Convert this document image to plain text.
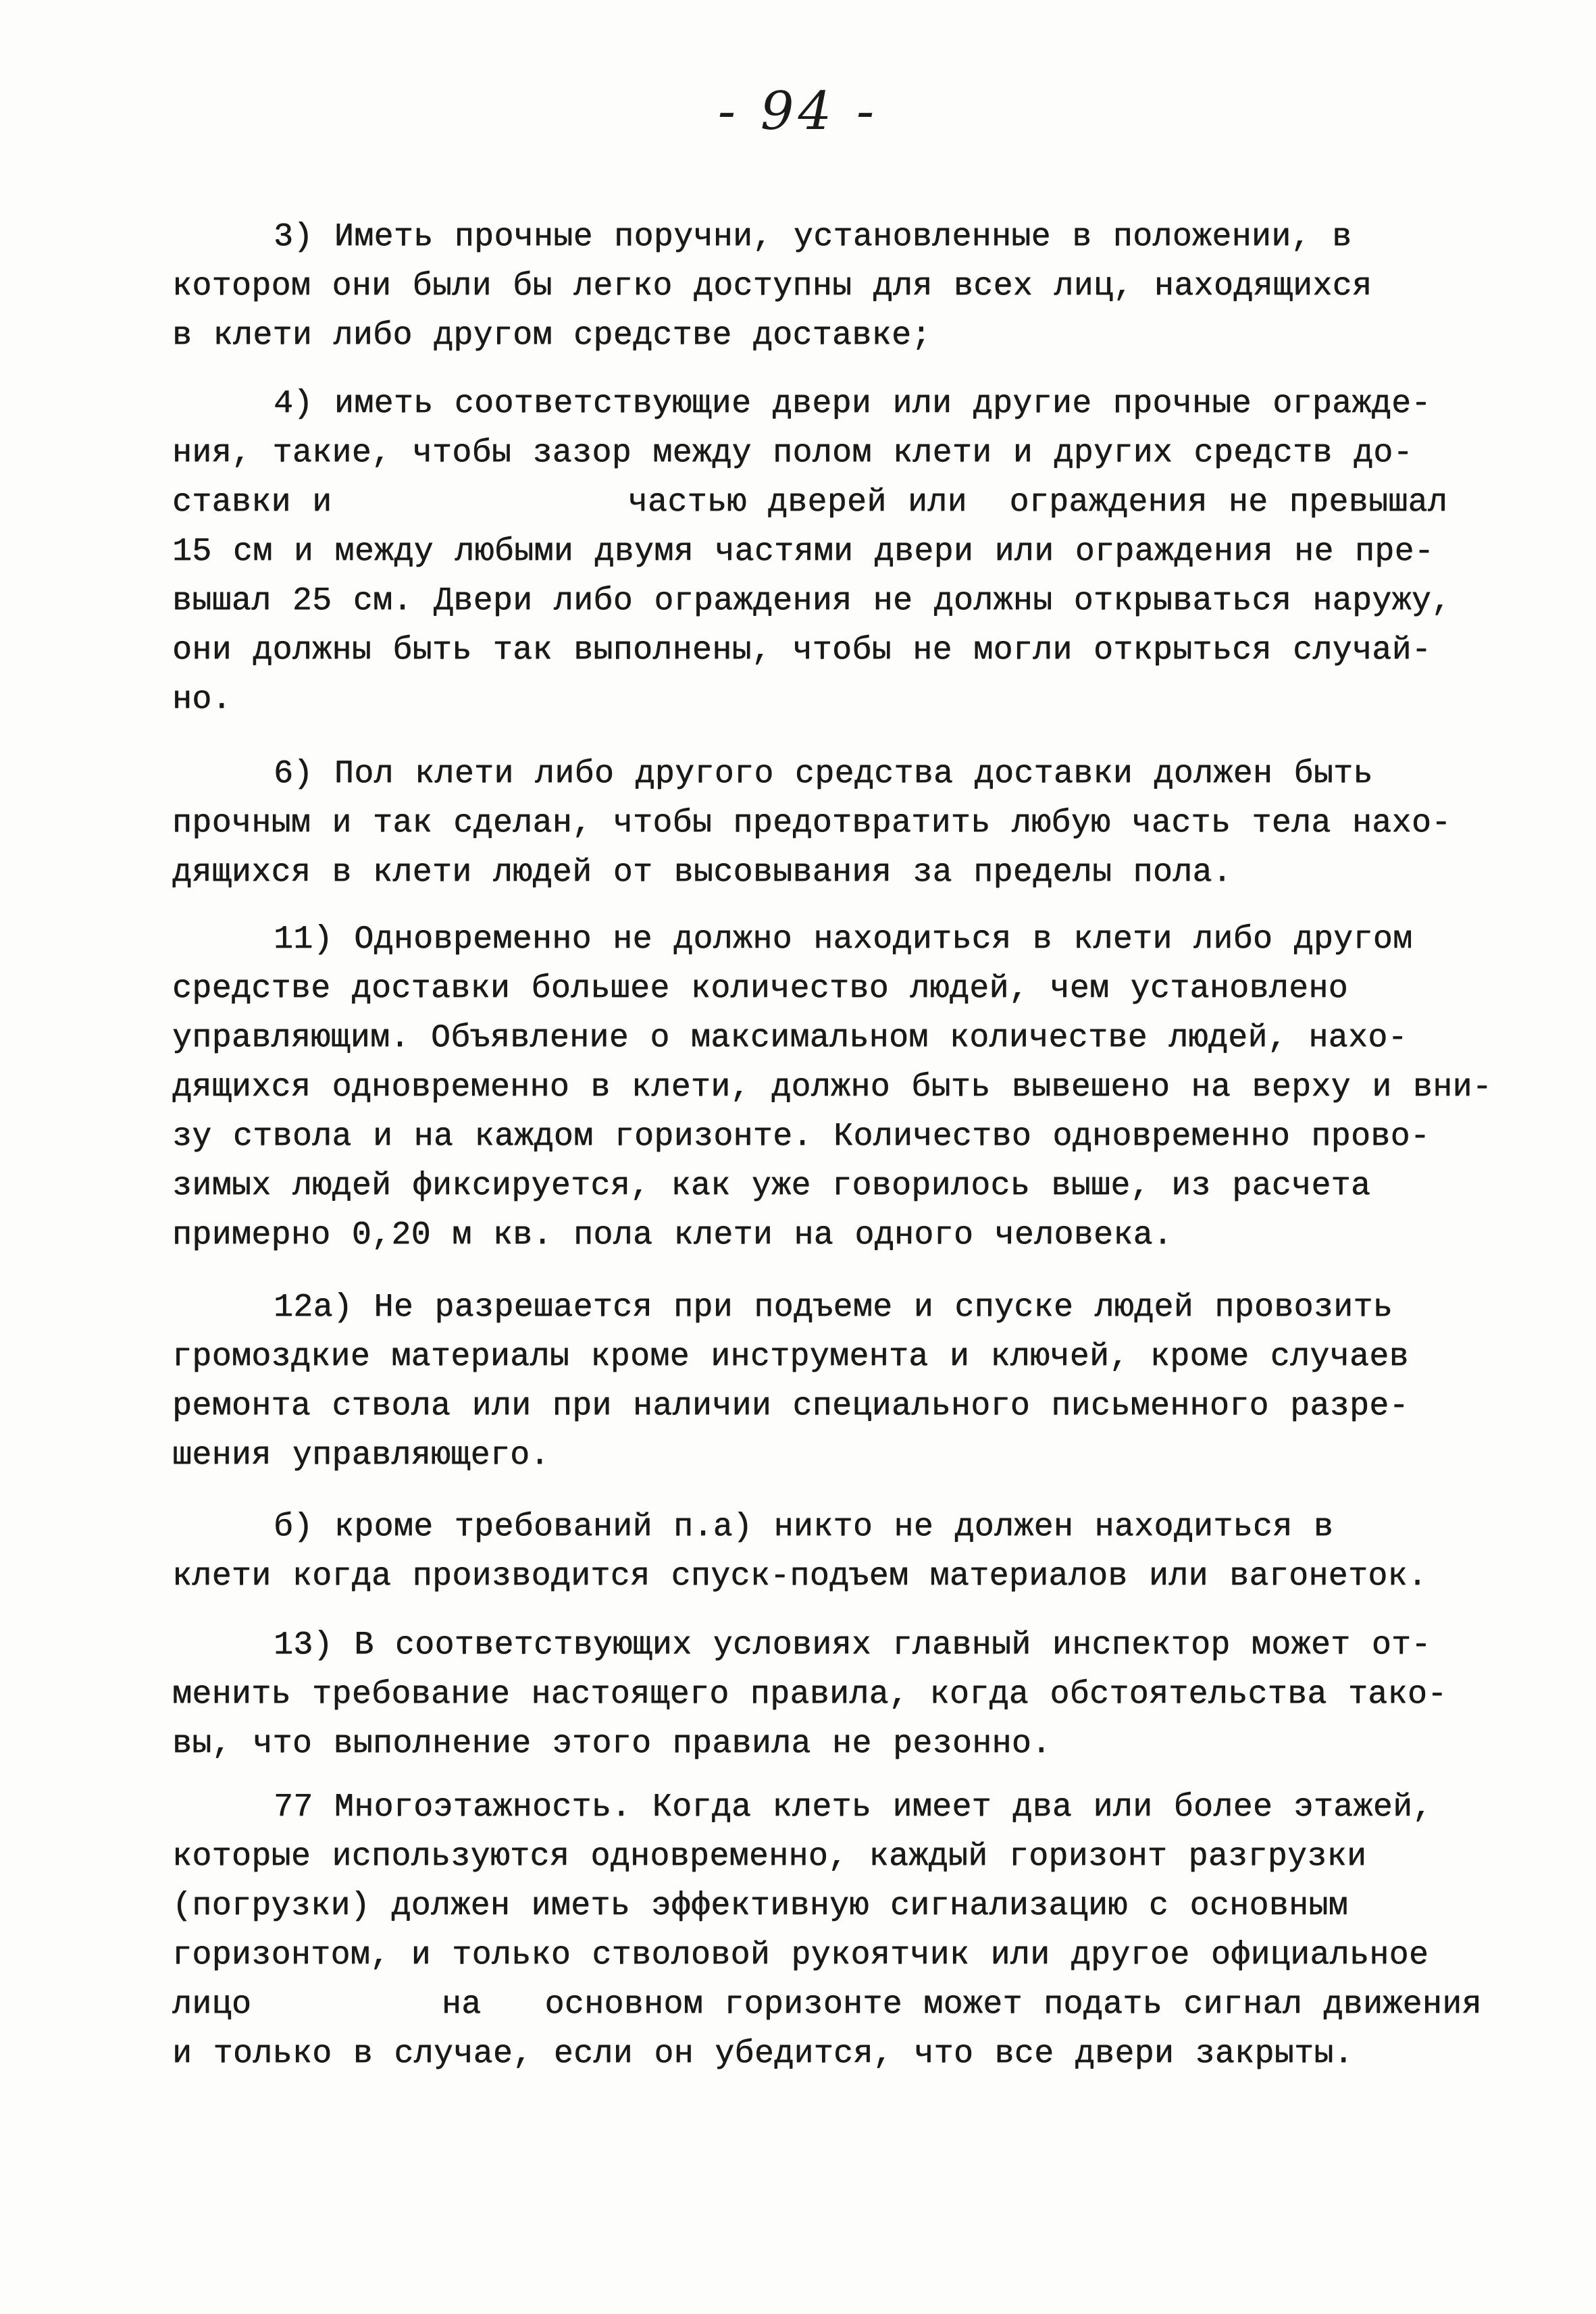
- 94 -
3) Иметь прочные поручни, установленные в положении, в
котором они были бы легко доступны для всех лиц, находящихся
в клети либо другом средстве доставке;
4) иметь соответствующие двери или другие прочные огражде-
ния, такие, чтобы зазор между полом клети и других средств до-
ставки и              частью дверей или  ограждения не превышал
15 см и между любыми двумя частями двери или ограждения не пре-
вышал 25 см. Двери либо ограждения не должны открываться наружу,
они должны быть так выполнены, чтобы не могли открыться случай-
но.
6) Пол клети либо другого средства доставки должен быть
прочным и так сделан, чтобы предотвратить любую часть тела нахо-
дящихся в клети людей от высовывания за пределы пола.
11) Одновременно не должно находиться в клети либо другом
средстве доставки большее количество людей, чем установлено
управляющим. Объявление о максимальном количестве людей, нахо-
дящихся одновременно в клети, должно быть вывешено на верху и вни-
зу ствола и на каждом горизонте. Количество одновременно прово-
зимых людей фиксируется, как уже говорилось выше, из расчета
примерно 0,20 м кв. пола клети на одного человека.
12а) Не разрешается при подъеме и спуске людей провозить
громоздкие материалы кроме инструмента и ключей, кроме случаев
ремонта ствола или при наличии специального письменного разре-
шения управляющего.
б) кроме требований п.а) никто не должен находиться в
клети когда производится спуск-подъем материалов или вагонеток.
13) В соответствующих условиях главный инспектор может от-
менить требование настоящего правила, когда обстоятельства тако-
вы, что выполнение этого правила не резонно.
77 Многоэтажность. Когда клеть имеет два или более этажей,
которые используются одновременно, каждый горизонт разгрузки
(погрузки) должен иметь эффективную сигнализацию с основным
горизонтом, и только стволовой рукоятчик или другое официальное
лицо         на   основном горизонте может подать сигнал движения
и только в случае, если он убедится, что все двери закрыты.
